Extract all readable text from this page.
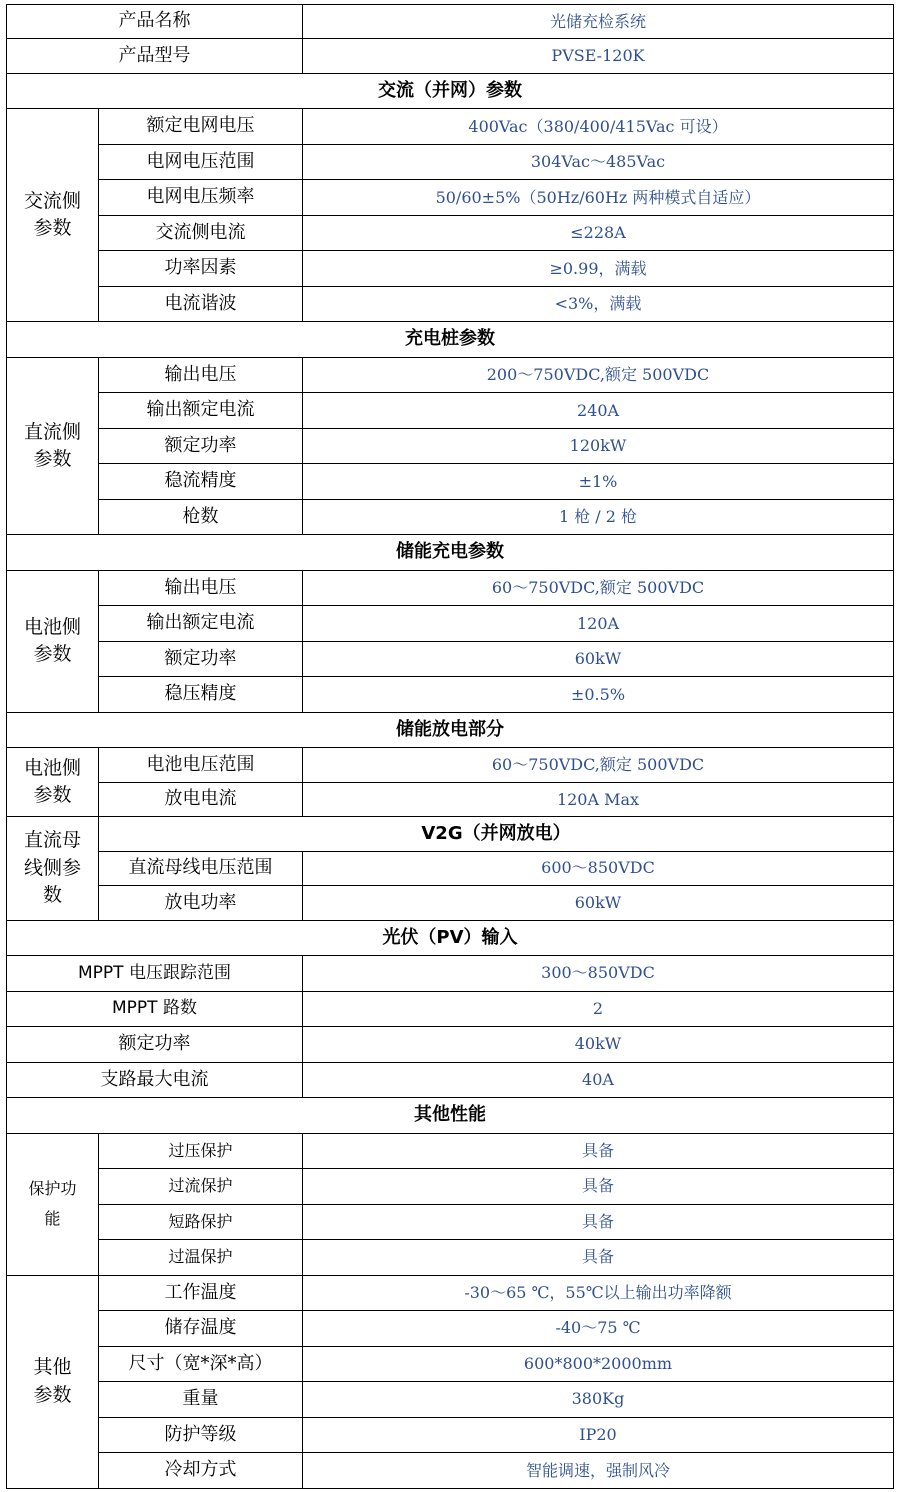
产品名称		光储充检系统
产品型号		PVSE-120K
交流（并网）参数		
交流侧参数	额定电网电压	400Vac（380/400/415Vac 可设）
	电网电压范围	304Vac～485Vac
	电网电压频率	50/60±5%（50Hz/60Hz 两种模式自适应）
	交流侧电流	≤228A
	功率因素	≥0.99，满载
	电流谐波	<3%，满载
充电桩参数		
直流侧参数	输出电压	200～750VDC,额定 500VDC
	输出额定电流	240A
	额定功率	120kW
	稳流精度	±1%
	枪数	1 枪 / 2 枪
储能充电参数		
电池侧参数	输出电压	60～750VDC,额定 500VDC
	输出额定电流	120A
	额定功率	60kW
	稳压精度	±0.5%
储能放电部分		
电池侧参数	电池电压范围	60～750VDC,额定 500VDC
	放电电流	120A Max
直流母线侧参数	V2G（并网放电）	
	直流母线电压范围	600～850VDC
	放电功率	60kW
光伏（PV）输入		
MPPT 电压跟踪范围		300～850VDC
MPPT 路数		2
额定功率		40kW
支路最大电流		40A
其他性能		
保护功能	过压保护	具备
	过流保护	具备
	短路保护	具备
	过温保护	具备
其他参数	工作温度	-30～65 ℃，55℃以上输出功率降额
	储存温度	-40～75 ℃
	尺寸（宽*深*高）	600*800*2000mm
	重量	380Kg
	防护等级	IP20
	冷却方式	智能调速，强制风冷
